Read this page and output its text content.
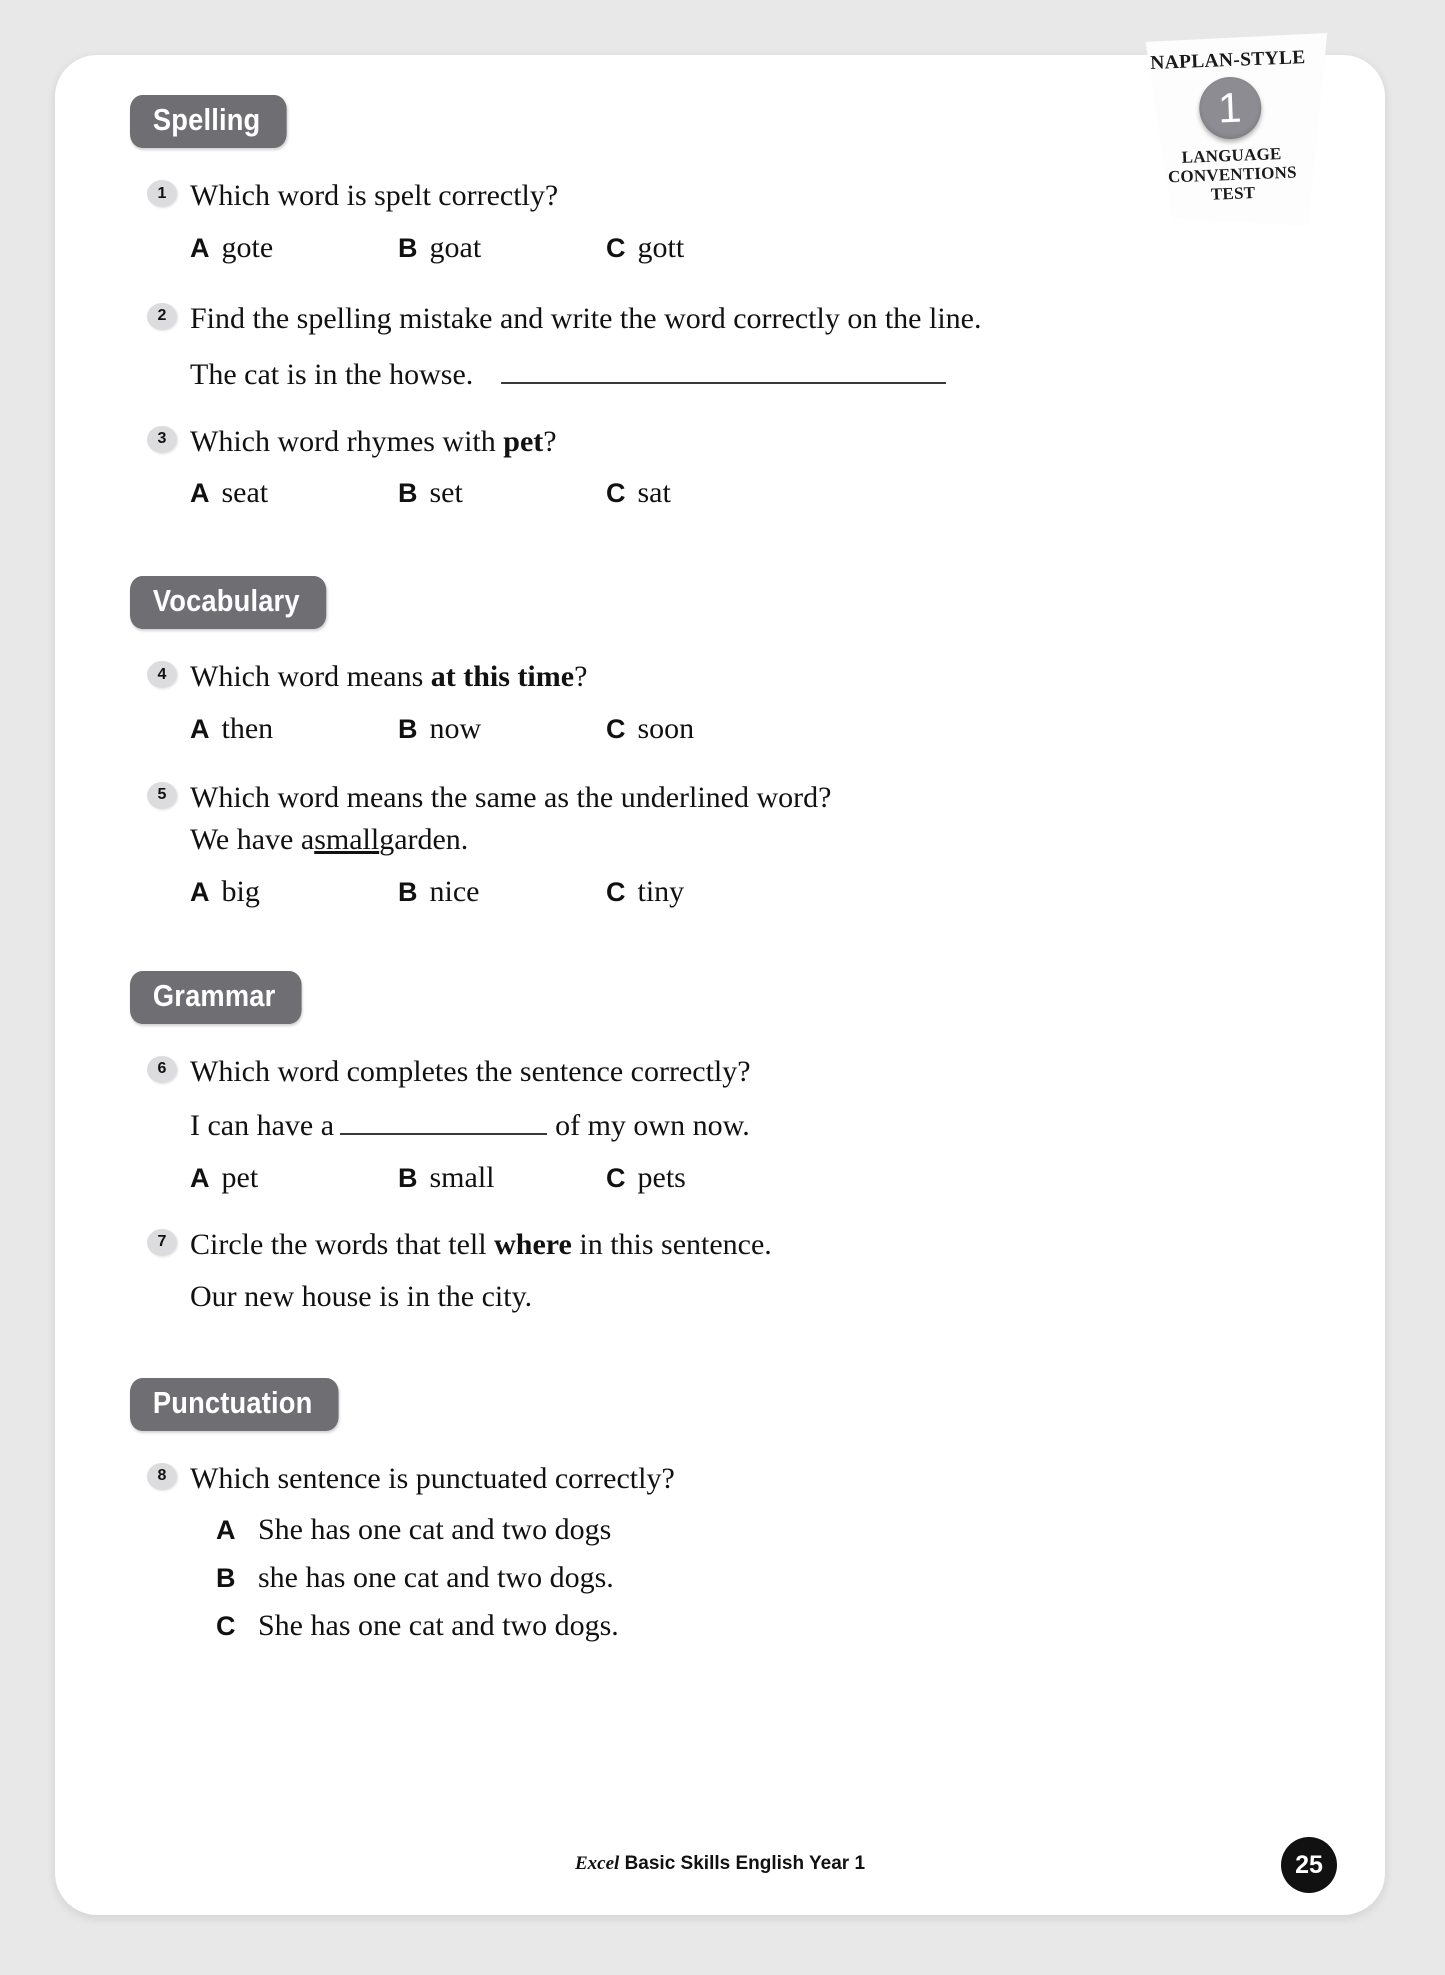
Spelling
1 Which word is spelt correctly?
A gote	B goat	C gott
2 Find the spelling mistake and write the word correctly on the line.
The cat is in the howse.
3 Which word rhymes with pet?
A seat	B set	C sat
Vocabulary
4 Which word means at this time?
A then	B now	C soon
5 Which word means the same as the underlined word?
We have a small garden.
A big	B nice	C tiny
Grammar
6 Which word completes the sentence correctly?
I can have a	of my own now.
A pet	B small	C pets
7 Circle the words that tell where in this sentence.
Our new house is in the city.
Punctuation
8 Which sentence is punctuated correctly?
A She has one cat and two dogs
B she has one cat and two dogs.
C She has one cat and two dogs.
Excel Basic Skills English Year 1	25
NAPLAN-STYLE
1
LANGUAGE
CONVENTIONS
TEST
